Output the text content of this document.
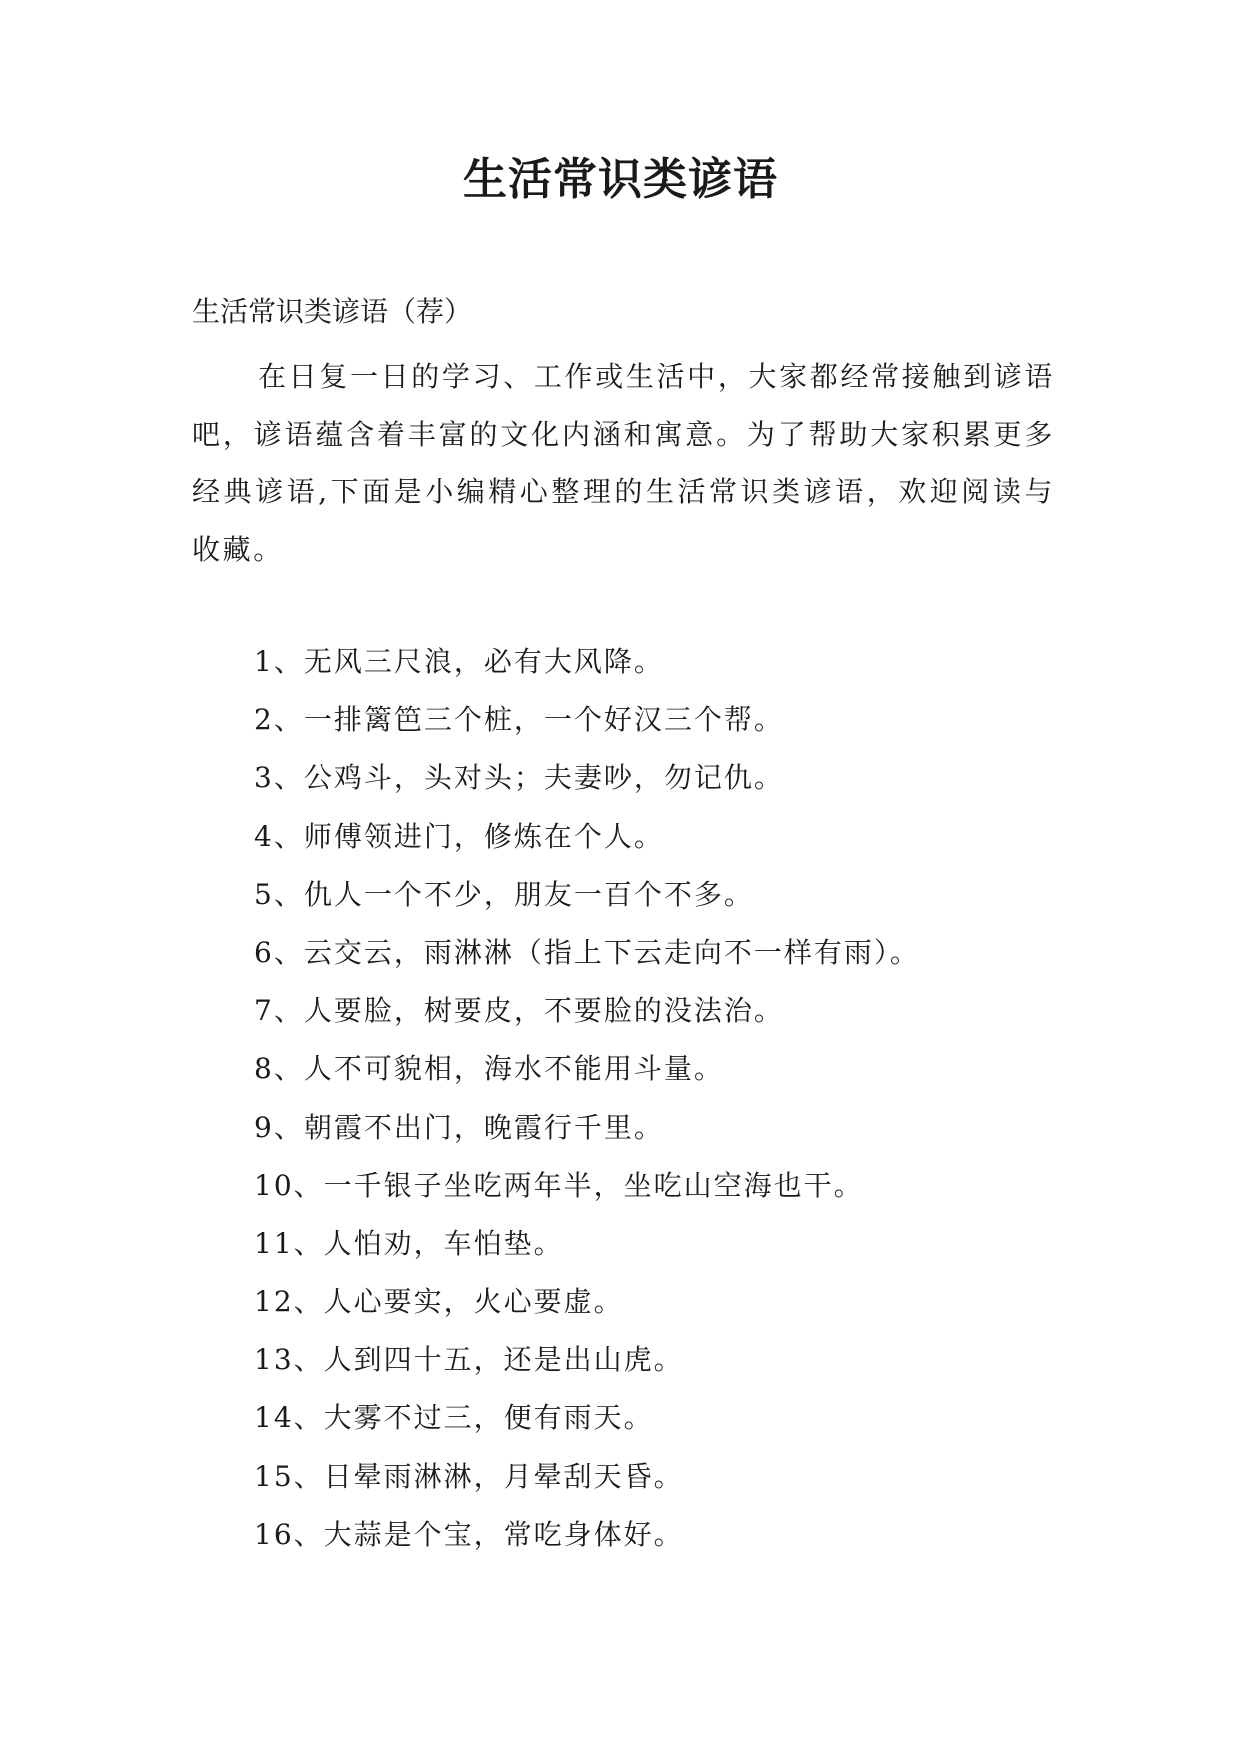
生活常识类谚语
生活常识类谚语（荐）
在日复一日的学习、工作或生活中，大家都经常接触到谚语吧，谚语蕴含着丰富的文化内涵和寓意。为了帮助大家积累更多经典谚语,下面是小编精心整理的生活常识类谚语，欢迎阅读与收藏。
1、无风三尺浪，必有大风降。
2、一排篱笆三个桩，一个好汉三个帮。
3、公鸡斗，头对头；夫妻吵，勿记仇。
4、师傅领进门，修炼在个人。
5、仇人一个不少，朋友一百个不多。
6、云交云，雨淋淋（指上下云走向不一样有雨）。
7、人要脸，树要皮，不要脸的没法治。
8、人不可貌相，海水不能用斗量。
9、朝霞不出门，晚霞行千里。
10、一千银子坐吃两年半，坐吃山空海也干。
11、人怕劝，车怕垫。
12、人心要实，火心要虚。
13、人到四十五，还是出山虎。
14、大雾不过三，便有雨天。
15、日晕雨淋淋，月晕刮天昏。
16、大蒜是个宝，常吃身体好。
